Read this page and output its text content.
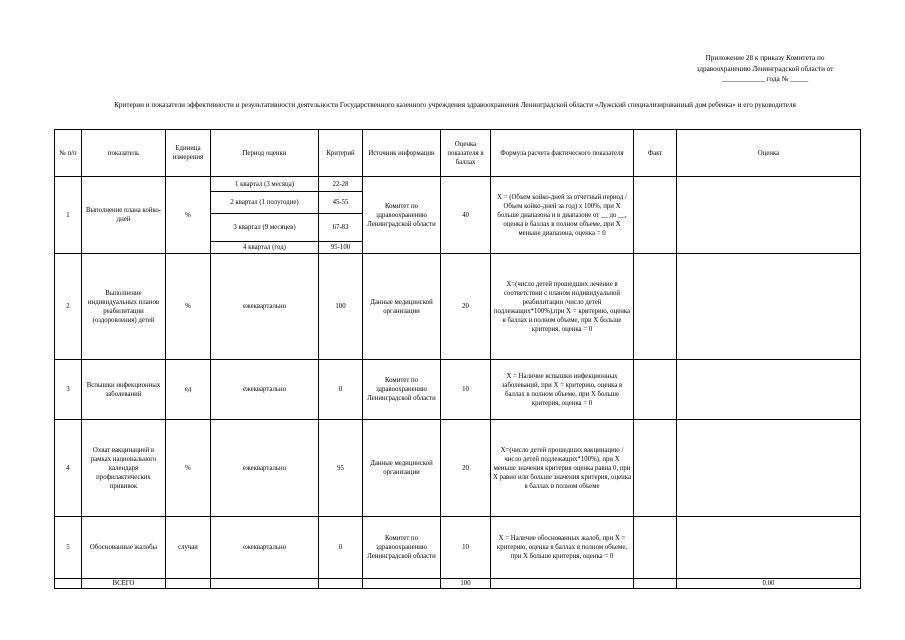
Приложение 28 к приказу Комитета по
здравоохранению Ленинградской области от
____________ года № _____
Критерии и показатели эффективности и результативности деятельности Государственного казенного учреждения здравоохранения Ленинградской области «Лужский специализированный дом ребенка» и его руководителя
№ п/п	показатель	Единица измерения	Период оценки	Критерий	Источник информации	Оценка показателя в баллах	Формула расчета фактического показателя	Факт	Оценка
1	Выполнение плана койко-дней	%	1 квартал (3 месяца)	22-28	Комитет по здравоохранению Ленинградской области	40	X = (Объем койко-дней за отчетный период / Объем койко-дней за год) х 100%, при X больше диапазона и в диапазоне от __ до __, оценка в баллах в полном объеме, при X меньше диапазона, оценка = 0		
			2 квартал (1 полугодие)	45-55					
			3 квартал (9 месяцев)	67-83					
			4 квартал (год)	95-100					
2	Выполнение индивидуальных планов реабилитации (оздоровления) детей	%	ежеквартально	100	Данные медицинской организации	20	X=(число детей прошедших лечение в соответствии с планом индивидуальной реабилитации /число детей подлежащих*100%),при X = критерию, оценка в баллах в полном объеме, при X больше критерия, оценка = 0		
3	Вспышки инфекционных заболеваний	ед	ежеквартально	0	Комитет по здравоохранению Ленинградской области	10	X = Наличие вспышки инфекционных заболеваний, при X = критерию, оценка в баллах в полном объеме, при X больше критерия, оценка = 0		
4	Охват вакцинацией в рамках национального календаря профилактических прививок	%	ежеквартально	95	Данные медицинской организации	20	X=(число детей прошедших вакцинацию /число детей подлежащих*100%), при X меньше значения критерия оценка равна 0, при X равно или больше значения критерия, оценка в баллах в полном объеме		
5	Обоснованные жалобы	случаи	ежеквартально	0	Комитет по здравоохранению Ленинградской области	10	X = Наличие обоснованных жалоб, при X = критерию, оценка в баллах в полном объеме, при X больше критерия, оценка = 0		
	ВСЕГО					100			0.00
